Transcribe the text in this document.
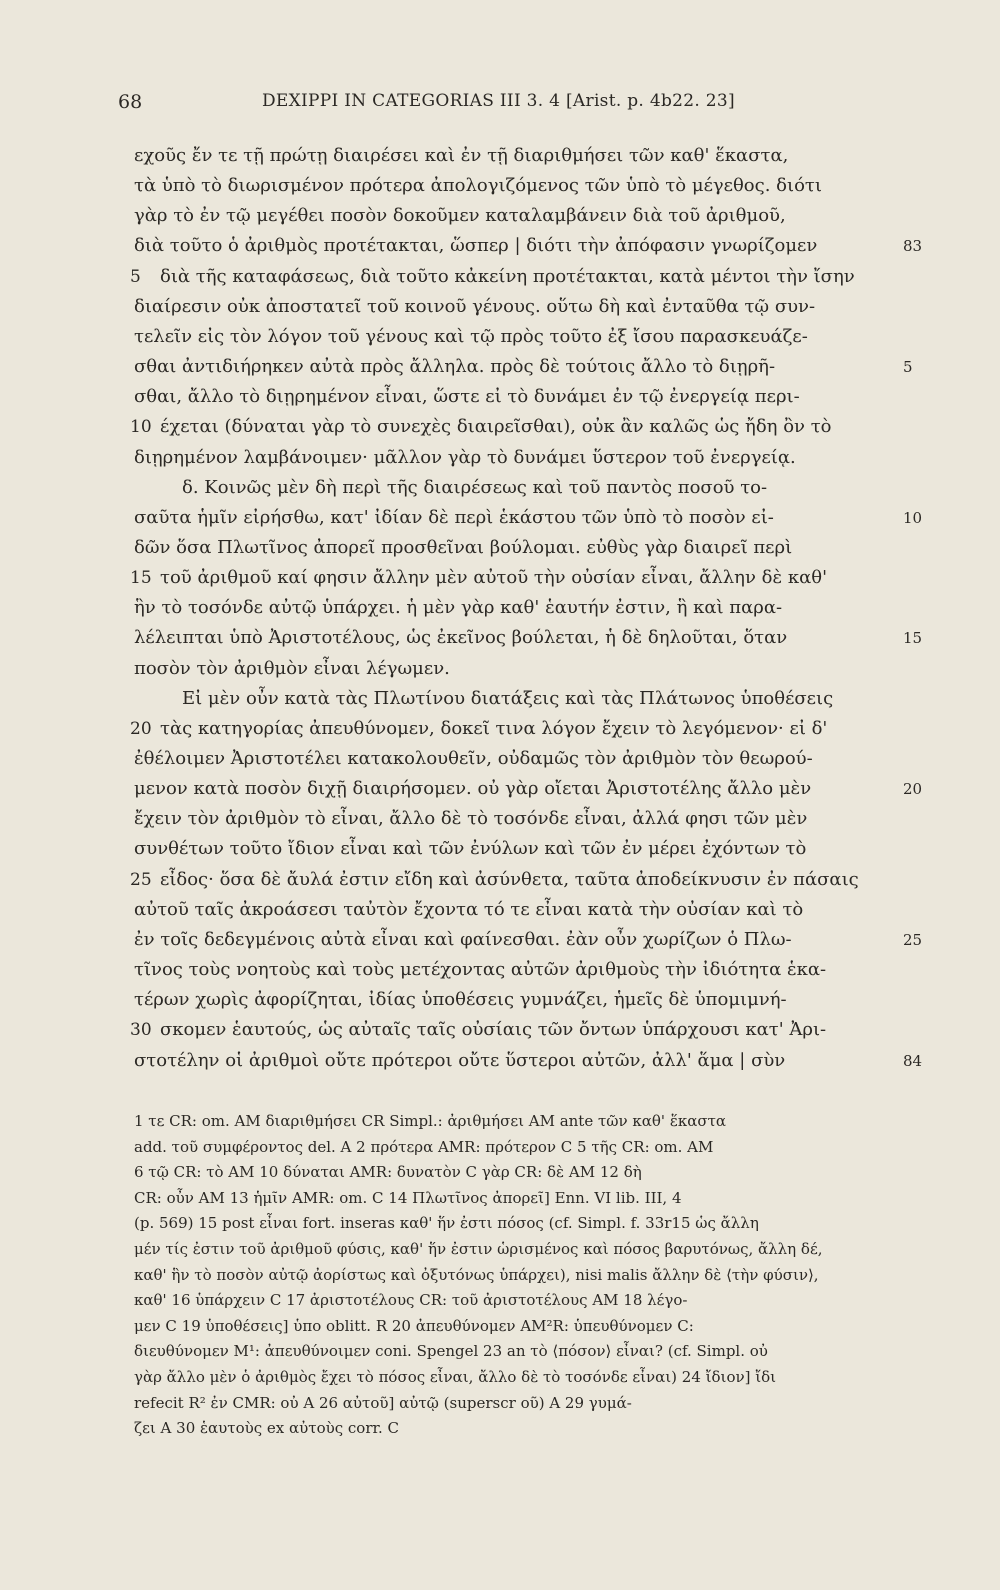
68	DEXIPPI IN CATEGORIAS III 3. 4 [Arist. p. 4b22. 23]
εχοῦς ἔν τε τῇ πρώτῃ διαιρέσει καὶ ἐν τῇ διαριθμήσει τῶν καθ' ἕκαστα,
τὰ ὑπὸ τὸ διωρισμένον πρότερα ἀπολογιζόμενος τῶν ὑπὸ τὸ μέγεθος. διότι
γὰρ τὸ ἐν τῷ μεγέθει ποσὸν δοκοῦμεν καταλαμβάνειν διὰ τοῦ ἀριθμοῦ,
διὰ τοῦτο ὁ ἀριθμὸς προτέτακται, ὥσπερ | διότι τὴν ἀπόφασιν γνωρίζομεν	83
διὰ τῆς καταφάσεως, διὰ τοῦτο κἀκείνη προτέτακται, κατὰ μέντοι τὴν ἴσην
5
διαίρεσιν οὐκ ἀποστατεῖ τοῦ κοινοῦ γένους. οὕτω δὴ καὶ ἐνταῦθα τῷ συν-
τελεῖν εἰς τὸν λόγον τοῦ γένους καὶ τῷ πρὸς τοῦτο ἐξ ἴσου παρασκευάζε-
σθαι ἀντιδιήρηκεν αὐτὰ πρὸς ἄλληλα. πρὸς δὲ τούτοις ἄλλο τὸ διῃρῆ-	5
σθαι, ἄλλο τὸ διῃρημένον εἶναι, ὥστε εἰ τὸ δυνάμει ἐν τῷ ἐνεργείᾳ περι-
έχεται (δύναται γὰρ τὸ συνεχὲς διαιρεῖσθαι), οὐκ ἂν καλῶς ὡς ἤδη ὂν τὸ
10
διῃρημένον λαμβάνοιμεν· μᾶλλον γὰρ τὸ δυνάμει ὕστερον τοῦ ἐνεργείᾳ.
δ. Κοινῶς μὲν δὴ περὶ τῆς διαιρέσεως καὶ τοῦ παντὸς ποσοῦ το-
σαῦτα ἡμῖν εἰρήσθω, κατ' ἰδίαν δὲ περὶ ἑκάστου τῶν ὑπὸ τὸ ποσὸν εἰ-	10
δῶν ὅσα Πλωτῖνος ἀπορεῖ προσθεῖναι βούλομαι. εὐθὺς γὰρ διαιρεῖ περὶ
τοῦ ἀριθμοῦ καί φησιν ἄλλην μὲν αὐτοῦ τὴν οὐσίαν εἶναι, ἄλλην δὲ καθ'
15
ἣν τὸ τοσόνδε αὐτῷ ὑπάρχει. ἡ μὲν γὰρ καθ' ἑαυτήν ἐστιν, ἣ καὶ παρα-
λέλειπται ὑπὸ Ἀριστοτέλους, ὡς ἐκεῖνος βούλεται, ἡ δὲ δηλοῦται, ὅταν	15
ποσὸν τὸν ἀριθμὸν εἶναι λέγωμεν.
Εἰ μὲν οὖν κατὰ τὰς Πλωτίνου διατάξεις καὶ τὰς Πλάτωνος ὑποθέσεις
τὰς κατηγορίας ἀπευθύνομεν, δοκεῖ τινα λόγον ἔχειν τὸ λεγόμενον· εἰ δ'
20
ἐθέλοιμεν Ἀριστοτέλει κατακολουθεῖν, οὐδαμῶς τὸν ἀριθμὸν τὸν θεωρού-
μενον κατὰ ποσὸν διχῇ διαιρήσομεν. οὐ γὰρ οἴεται Ἀριστοτέλης ἄλλο μὲν	20
ἔχειν τὸν ἀριθμὸν τὸ εἶναι, ἄλλο δὲ τὸ τοσόνδε εἶναι, ἀλλά φησι τῶν μὲν
συνθέτων τοῦτο ἴδιον εἶναι καὶ τῶν ἐνύλων καὶ τῶν ἐν μέρει ἐχόντων τὸ
εἶδος· ὅσα δὲ ἄυλά ἐστιν εἴδη καὶ ἀσύνθετα, ταῦτα ἀποδείκνυσιν ἐν πάσαις
25
αὐτοῦ ταῖς ἀκροάσεσι ταὐτὸν ἔχοντα τό τε εἶναι κατὰ τὴν οὐσίαν καὶ τὸ
ἐν τοῖς δεδεγμένοις αὐτὰ εἶναι καὶ φαίνεσθαι. ἐὰν οὖν χωρίζων ὁ Πλω-	25
τῖνος τοὺς νοητοὺς καὶ τοὺς μετέχοντας αὐτῶν ἀριθμοὺς τὴν ἰδιότητα ἑκα-
τέρων χωρὶς ἀφορίζηται, ἰδίας ὑποθέσεις γυμνάζει, ἡμεῖς δὲ ὑπομιμνή-
σκομεν ἑαυτούς, ὡς αὐταῖς ταῖς οὐσίαις τῶν ὄντων ὑπάρχουσι κατ' Ἀρι-
30
στοτέλην οἱ ἀριθμοὶ οὔτε πρότεροι οὔτε ὕστεροι αὐτῶν, ἀλλ' ἅμα | σὺν	84
1 τε CR: om. AM διαριθμήσει CR Simpl.: ἀριθμήσει AM ante τῶν καθ' ἕκαστα
add. τοῦ συμφέροντος del. A 2 πρότερα AMR: πρότερον C 5 τῆς CR: om. AM
6 τῷ CR: τὸ AM 10 δύναται AMR: δυνατὸν C γὰρ CR: δὲ AM 12 δὴ
CR: οὖν AM 13 ἡμῖν AMR: om. C 14 Πλωτῖνος ἀπορεῖ] Enn. VI lib. III, 4
(p. 569) 15 post εἶναι fort. inseras καθ' ἥν ἐστι πόσος (cf. Simpl. f. 33r15 ὡς ἄλλη
μέν τίς ἐστιν τοῦ ἀριθμοῦ φύσις, καθ' ἥν ἐστιν ὡρισμένος καὶ πόσος βαρυτόνως, ἄλλη δέ,
καθ' ἣν τὸ ποσὸν αὐτῷ ἀορίστως καὶ ὀξυτόνως ὑπάρχει), nisi malis ἄλλην δὲ ⟨τὴν φύσιν⟩,
καθ' 16 ὑπάρχειν C 17 ἀριστοτέλους CR: τοῦ ἀριστοτέλους AM 18 λέγο-
μεν C 19 ὑποθέσεις] ὑπο oblitt. R 20 ἀπευθύνομεν AM²R: ὑπευθύνομεν C:
διευθύνομεν M¹: ἀπευθύνοιμεν coni. Spengel 23 an τὸ ⟨πόσον⟩ εἶναι? (cf. Simpl. οὐ
γὰρ ἄλλο μὲν ὁ ἀριθμὸς ἔχει τὸ πόσος εἶναι, ἄλλο δὲ τὸ τοσόνδε εἶναι) 24 ἴδιον] ἴδι
refecit R² ἐν CMR: οὐ A 26 αὐτοῦ] αὐτῷ (superscr οῦ) A 29 γυμά-
ζει A 30 ἑαυτοὺς ex αὐτοὺς corr. C
